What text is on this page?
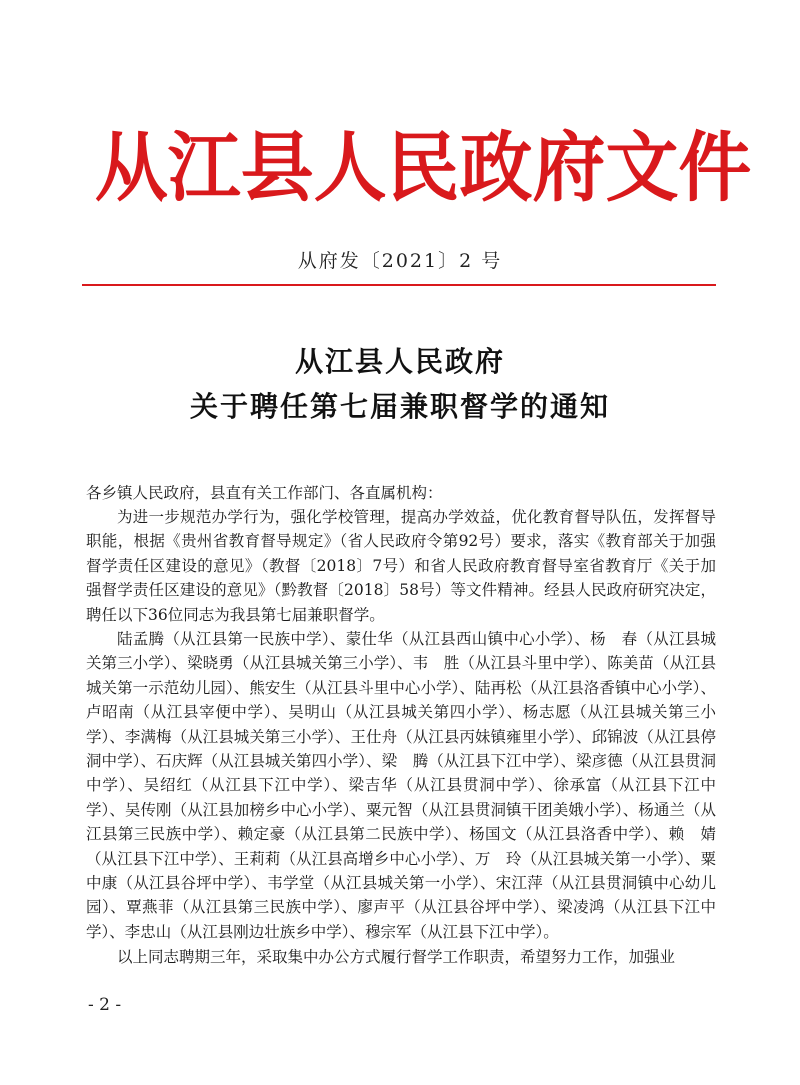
从江县人民政府文件
从府发〔2021〕2 号
从江县人民政府
关于聘任第七届兼职督学的通知
各乡镇人民政府，县直有关工作部门、各直属机构：
为进一步规范办学行为，强化学校管理，提高办学效益，优化教育督导队伍，发挥督导职能，根据《贵州省教育督导规定》（省人民政府令第92号）要求，落实《教育部关于加强督学责任区建设的意见》（教督〔2018〕7号）和省人民政府教育督导室省教育厅《关于加强督学责任区建设的意见》（黔教督〔2018〕58号）等文件精神。经县人民政府研究决定，聘任以下36位同志为我县第七届兼职督学。
陆孟腾（从江县第一民族中学）、蒙仕华（从江县西山镇中心小学）、杨　春（从江县城关第三小学）、梁晓勇（从江县城关第三小学）、韦　胜（从江县斗里中学）、陈美苗（从江县城关第一示范幼儿园）、熊安生（从江县斗里中心小学）、陆再松（从江县洛香镇中心小学）、卢昭南（从江县宰便中学）、吴明山（从江县城关第四小学）、杨志愿（从江县城关第三小学）、李满梅（从江县城关第三小学）、王仕舟（从江县丙妹镇雍里小学）、邱锦波（从江县停洞中学）、石庆辉（从江县城关第四小学）、梁　腾（从江县下江中学）、梁彦德（从江县贯洞中学）、吴绍红（从江县下江中学）、梁吉华（从江县贯洞中学）、徐承富（从江县下江中学）、吴传刚（从江县加榜乡中心小学）、粟元智（从江县贯洞镇干团美娥小学）、杨通兰（从江县第三民族中学）、赖定豪（从江县第二民族中学）、杨国文（从江县洛香中学）、赖　婧（从江县下江中学）、王莉莉（从江县高增乡中心小学）、万　玲（从江县城关第一小学）、粟中康（从江县谷坪中学）、韦学堂（从江县城关第一小学）、宋江萍（从江县贯洞镇中心幼儿园）、覃燕菲（从江县第三民族中学）、廖声平（从江县谷坪中学）、梁凌鸿（从江县下江中学）、李忠山（从江县刚边壮族乡中学）、穆宗军（从江县下江中学）。
以上同志聘期三年，采取集中办公方式履行督学工作职责，希望努力工作，加强业
- 2 -
